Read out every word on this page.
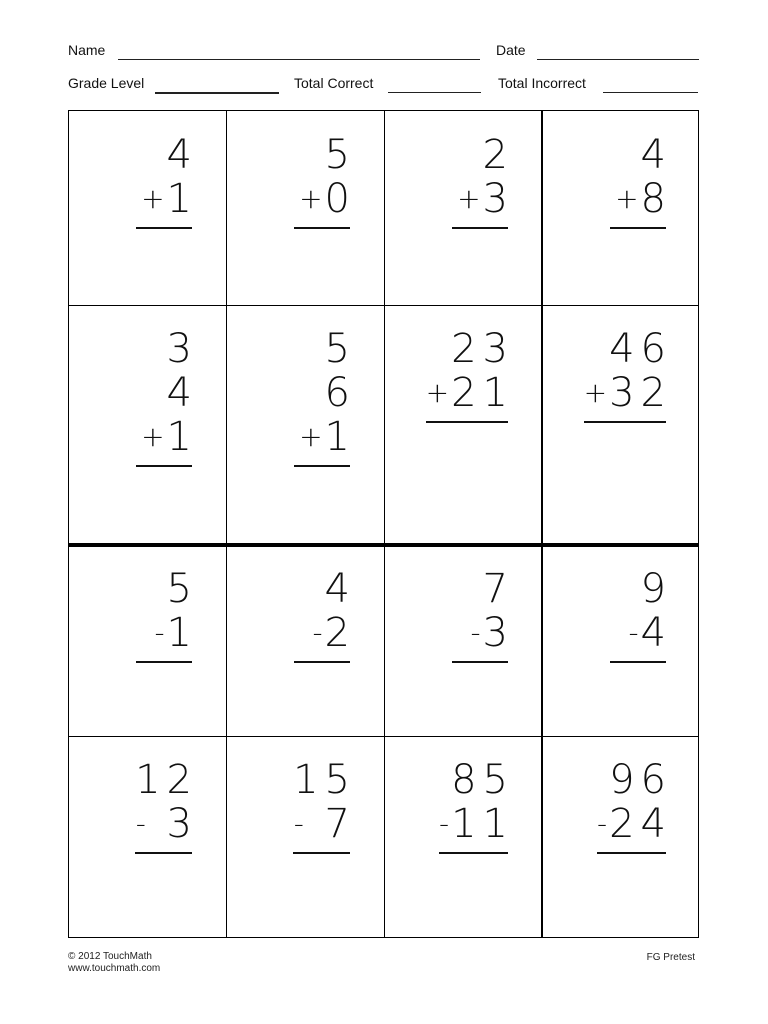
Name	Date
Grade Level	Total Correct	Total Incorrect
4
+1
5
+0
2
+3
4
+8
3
4
+1
5
6
+1
23
+21
46
+32
5
-1
4
-2
7
-3
9
-4
12
- 3
15
- 7
85
-11
96
-24
© 2012 TouchMath
www.touchmath.com
FG Pretest
